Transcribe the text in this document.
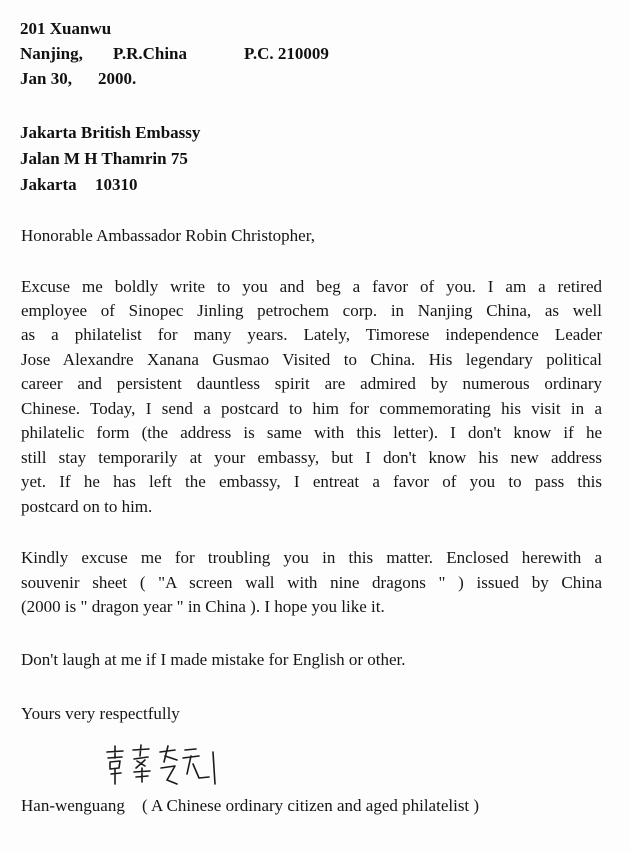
201 Xuanwu
Nanjing, P.R.China	P.C. 210009
Jan 30, 2000.
Jakarta British Embassy
Jalan M H Thamrin 75
Jakarta 10310
Honorable Ambassador Robin Christopher,
Excuse me boldly write to you and beg a favor of you. I am a retired
employee of Sinopec Jinling petrochem corp. in Nanjing China, as well
as a philatelist for many years. Lately, Timorese independence Leader
Jose Alexandre Xanana Gusmao Visited to China. His legendary political
career and persistent dauntless spirit are admired by numerous ordinary
Chinese. Today, I send a postcard to him for commemorating his visit in a
philatelic form (the address is same with this letter). I don't know if he
still stay temporarily at your embassy, but I don't know his new address
yet. If he has left the embassy, I entreat a favor of you to pass this
postcard on to him.
Kindly excuse me for troubling you in this matter. Enclosed herewith a
souvenir sheet ( "A screen wall with nine dragons " ) issued by China
(2000 is " dragon year " in China ). I hope you like it.
Don't laugh at me if I made mistake for English or other.
Yours very respectfully
Han-wenguang ( A Chinese ordinary citizen and aged philatelist )
